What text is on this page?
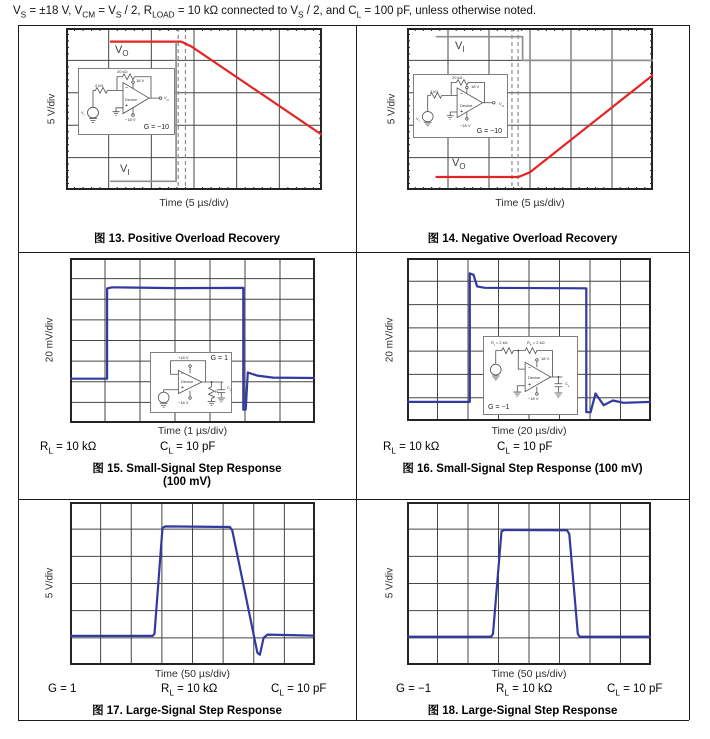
$V_S = \pm 18$ V, $V_{CM} = V_S / 2$, $R_{LOAD} = 10$ kΩ connected to $V_S / 2$, and $C_L = 100$ pF, unless otherwise noted.
$V_O$
$V_I$
20 kΩ
2 kΩ
18 V
−18 V
Device
$V_I$
$V_O$
−
+
G = −10
5 V/div
Time (5 µs/div)
图 13. Positive Overload Recovery
$V_I$
$V_O$
20 kΩ
2 kΩ
18 V
−18 V
Device
$V_I$
$V_O$
−
+
G = −10
5 V/div
Time (5 µs/div)
图 14. Negative Overload Recovery
+18 V
−18 V
Device
$R_L$
$C_L$
−
+
G = 1
20 mV/div
Time (1 µs/div)
$R_L = 10$ kΩ	$C_L = 10$ pF
图 15. Small-Signal Step Response
(100 mV)
$R_I = 2$ kΩ	$R_F = 2$ kΩ
18 V
−18 V
Device
$C_L$
−
+
G = −1
20 mV/div
Time (20 µs/div)
$R_L = 10$ kΩ	$C_L = 10$ pF
图 16. Small-Signal Step Response (100 mV)
5 V/div
Time (50 µs/div)
G = 1	$R_L = 10$ kΩ	$C_L = 10$ pF
图 17. Large-Signal Step Response
5 V/div
Time (50 µs/div)
G = −1	$R_L = 10$ kΩ	$C_L = 10$ pF
图 18. Large-Signal Step Response
